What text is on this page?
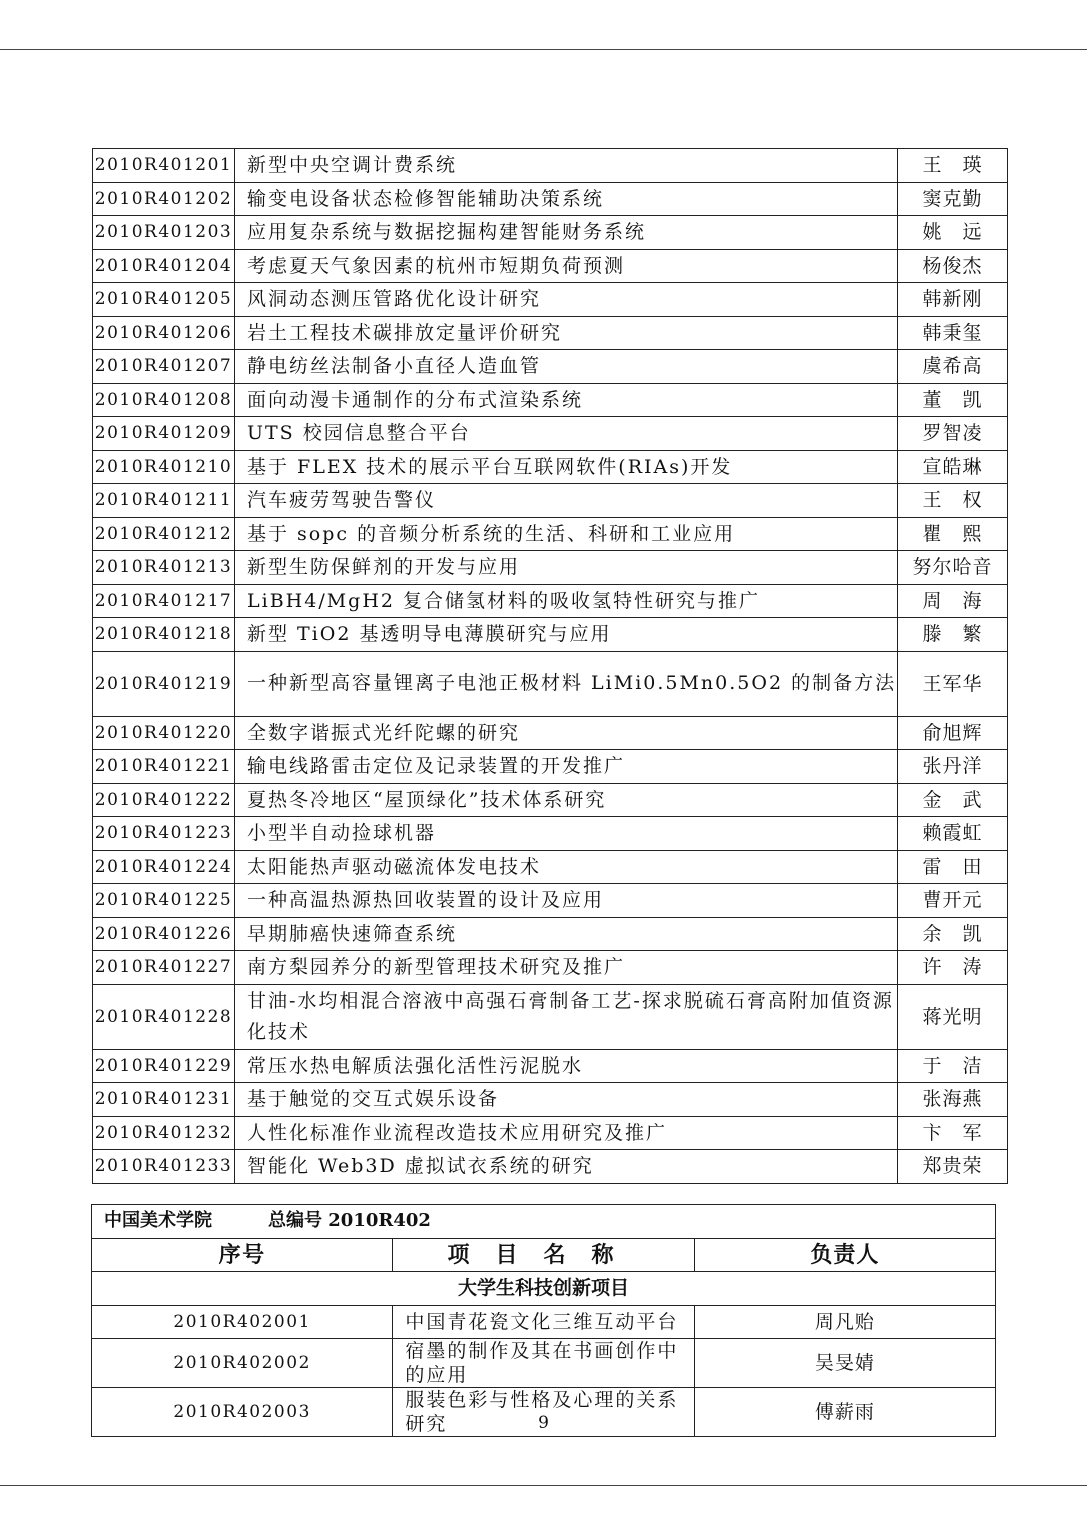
2010R401201	新型中央空调计费系统	王　瑛
2010R401202	输变电设备状态检修智能辅助决策系统	窦克勤
2010R401203	应用复杂系统与数据挖掘构建智能财务系统	姚　远
2010R401204	考虑夏天气象因素的杭州市短期负荷预测	杨俊杰
2010R401205	风洞动态测压管路优化设计研究	韩新刚
2010R401206	岩土工程技术碳排放定量评价研究	韩秉玺
2010R401207	静电纺丝法制备小直径人造血管	虞希高
2010R401208	面向动漫卡通制作的分布式渲染系统	董　凯
2010R401209	UTS 校园信息整合平台	罗智凌
2010R401210	基于 FLEX 技术的展示平台互联网软件(RIAs)开发	宣皓琳
2010R401211	汽车疲劳驾驶告警仪	王　权
2010R401212	基于 sopc 的音频分析系统的生活、科研和工业应用	瞿　熙
2010R401213	新型生防保鲜剂的开发与应用	努尔哈音
2010R401217	LiBH4/MgH2 复合储氢材料的吸收氢特性研究与推广	周　海
2010R401218	新型 TiO2 基透明导电薄膜研究与应用	滕　繁
2010R401219	一种新型高容量锂离子电池正极材料 LiMi0.5Mn0.5O2 的制备方法	王军华
2010R401220	全数字谐振式光纤陀螺的研究	俞旭辉
2010R401221	输电线路雷击定位及记录装置的开发推广	张丹洋
2010R401222	夏热冬冷地区“屋顶绿化”技术体系研究	金　武
2010R401223	小型半自动捡球机器	赖霞虹
2010R401224	太阳能热声驱动磁流体发电技术	雷　田
2010R401225	一种高温热源热回收装置的设计及应用	曹开元
2010R401226	早期肺癌快速筛查系统	余　凯
2010R401227	南方梨园养分的新型管理技术研究及推广	许　涛
2010R401228	甘油-水均相混合溶液中高强石膏制备工艺-探求脱硫石膏高附加值资源化技术	蒋光明
2010R401229	常压水热电解质法强化活性污泥脱水	于　洁
2010R401231	基于触觉的交互式娱乐设备	张海燕
2010R401232	人性化标准作业流程改造技术应用研究及推广	卞　军
2010R401233	智能化 Web3D 虚拟试衣系统的研究	郑贵荣
中国美术学院 总编号 2010R402		
序号	项目名称	负责人
大学生科技创新项目		
2010R402001	中国青花瓷文化三维互动平台	周凡贻
2010R402002	宿墨的制作及其在书画创作中的应用	吴旻婧
2010R402003	服装色彩与性格及心理的关系研究	傅薪雨
9
